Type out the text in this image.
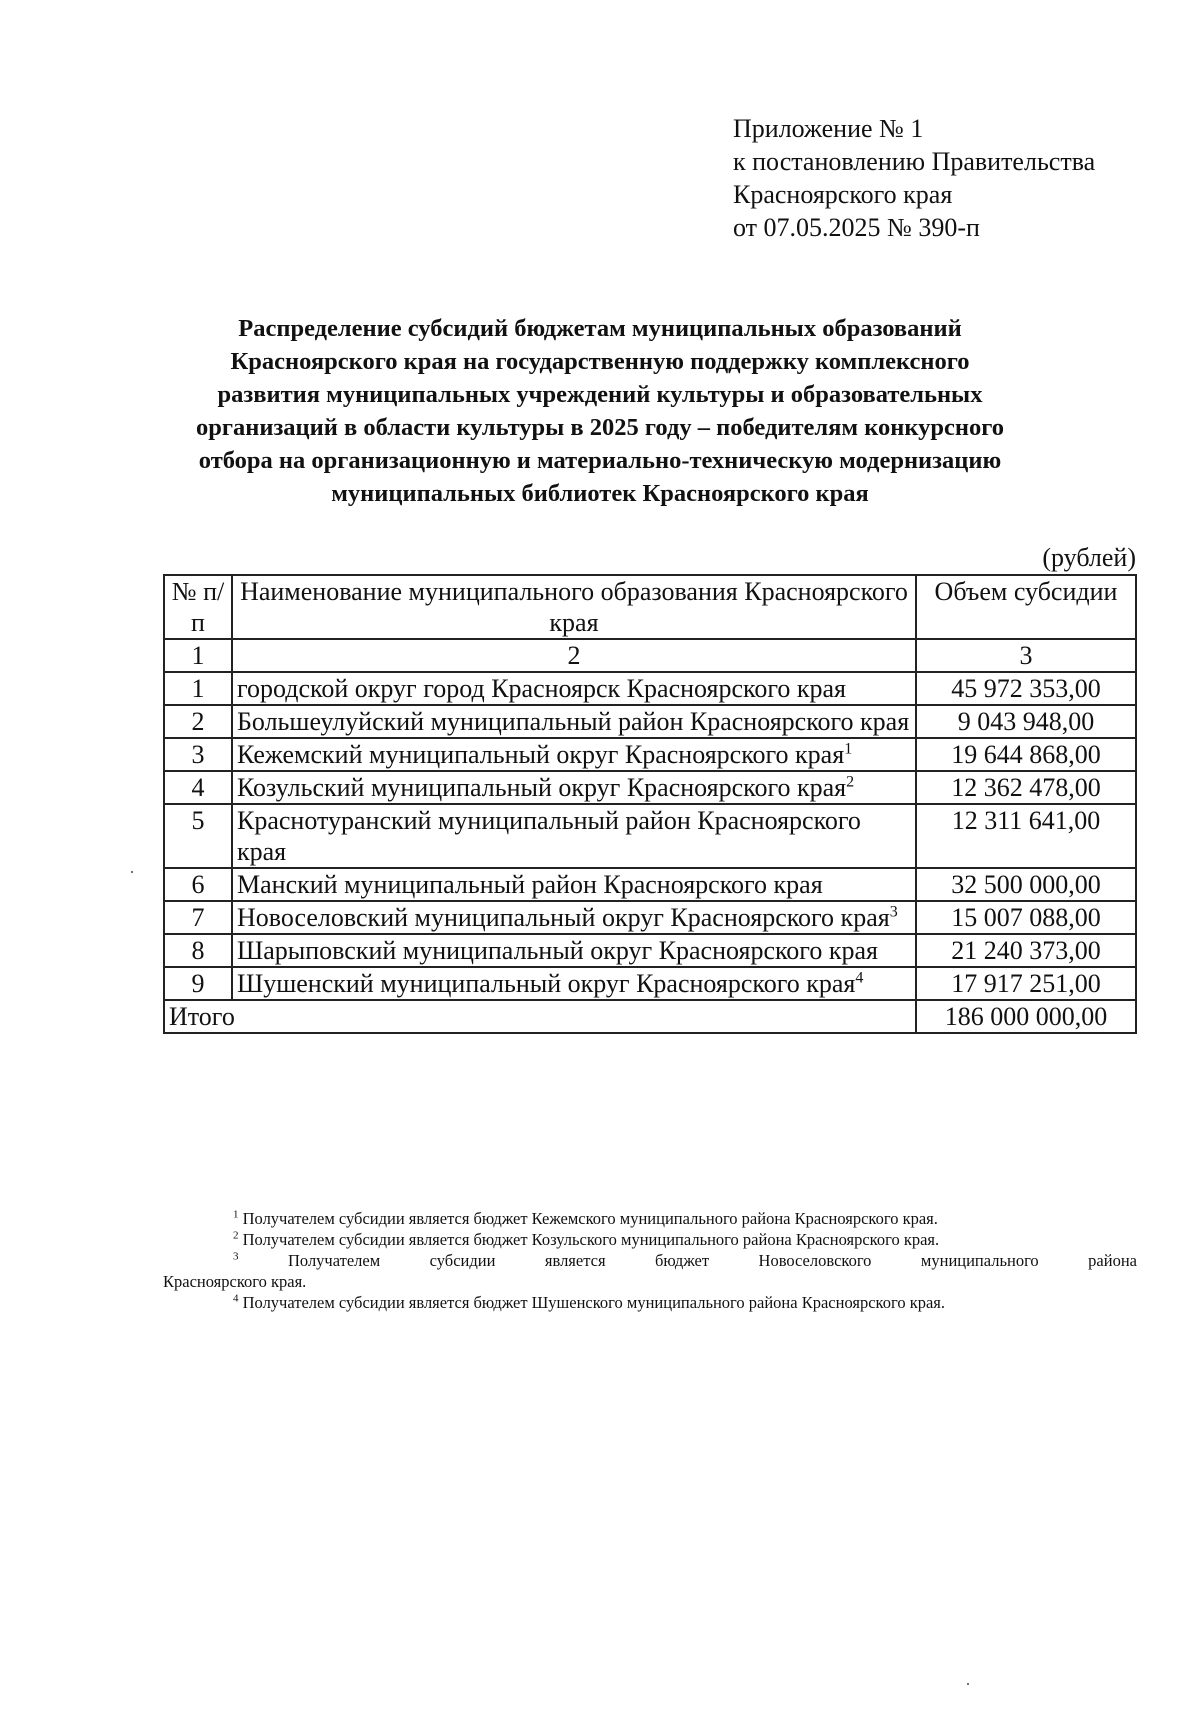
Приложение № 1
к постановлению Правительства
Красноярского края
от 07.05.2025 № 390-п
Распределение субсидий бюджетам муниципальных образований
Красноярского края на государственную поддержку комплексного
развития муниципальных учреждений культуры и образовательных
организаций в области культуры в 2025 году – победителям конкурсного
отбора на организационную и материально-техническую модернизацию
муниципальных библиотек Красноярского края
(рублей)
№ п/п	Наименование муниципального образования Красноярского края	Объем субсидии
1	2	3
1	городской округ город Красноярск Красноярского края	45 972 353,00
2	Большеулуйский муниципальный район Красноярского края	9 043 948,00
3	Кежемский муниципальный округ Красноярского края$^1$	19 644 868,00
4	Козульский муниципальный округ Красноярского края$^2$	12 362 478,00
5	Краснотуранский муниципальный район Красноярского края	12 311 641,00
6	Манский муниципальный район Красноярского края	32 500 000,00
7	Новоселовский муниципальный округ Красноярского края$^3$	15 007 088,00
8	Шарыповский муниципальный округ Красноярского края	21 240 373,00
9	Шушенский муниципальный округ Красноярского края$^4$	17 917 251,00
Итого		186 000 000,00
$^1$ Получателем субсидии является бюджет Кежемского муниципального района Красноярского края.
$^2$ Получателем субсидии является бюджет Козульского муниципального района Красноярского края.
$^3$	Получателем субсидии является бюджет Новоселовского муниципального района
Красноярского края.
$^4$ Получателем субсидии является бюджет Шушенского муниципального района Красноярского края.
